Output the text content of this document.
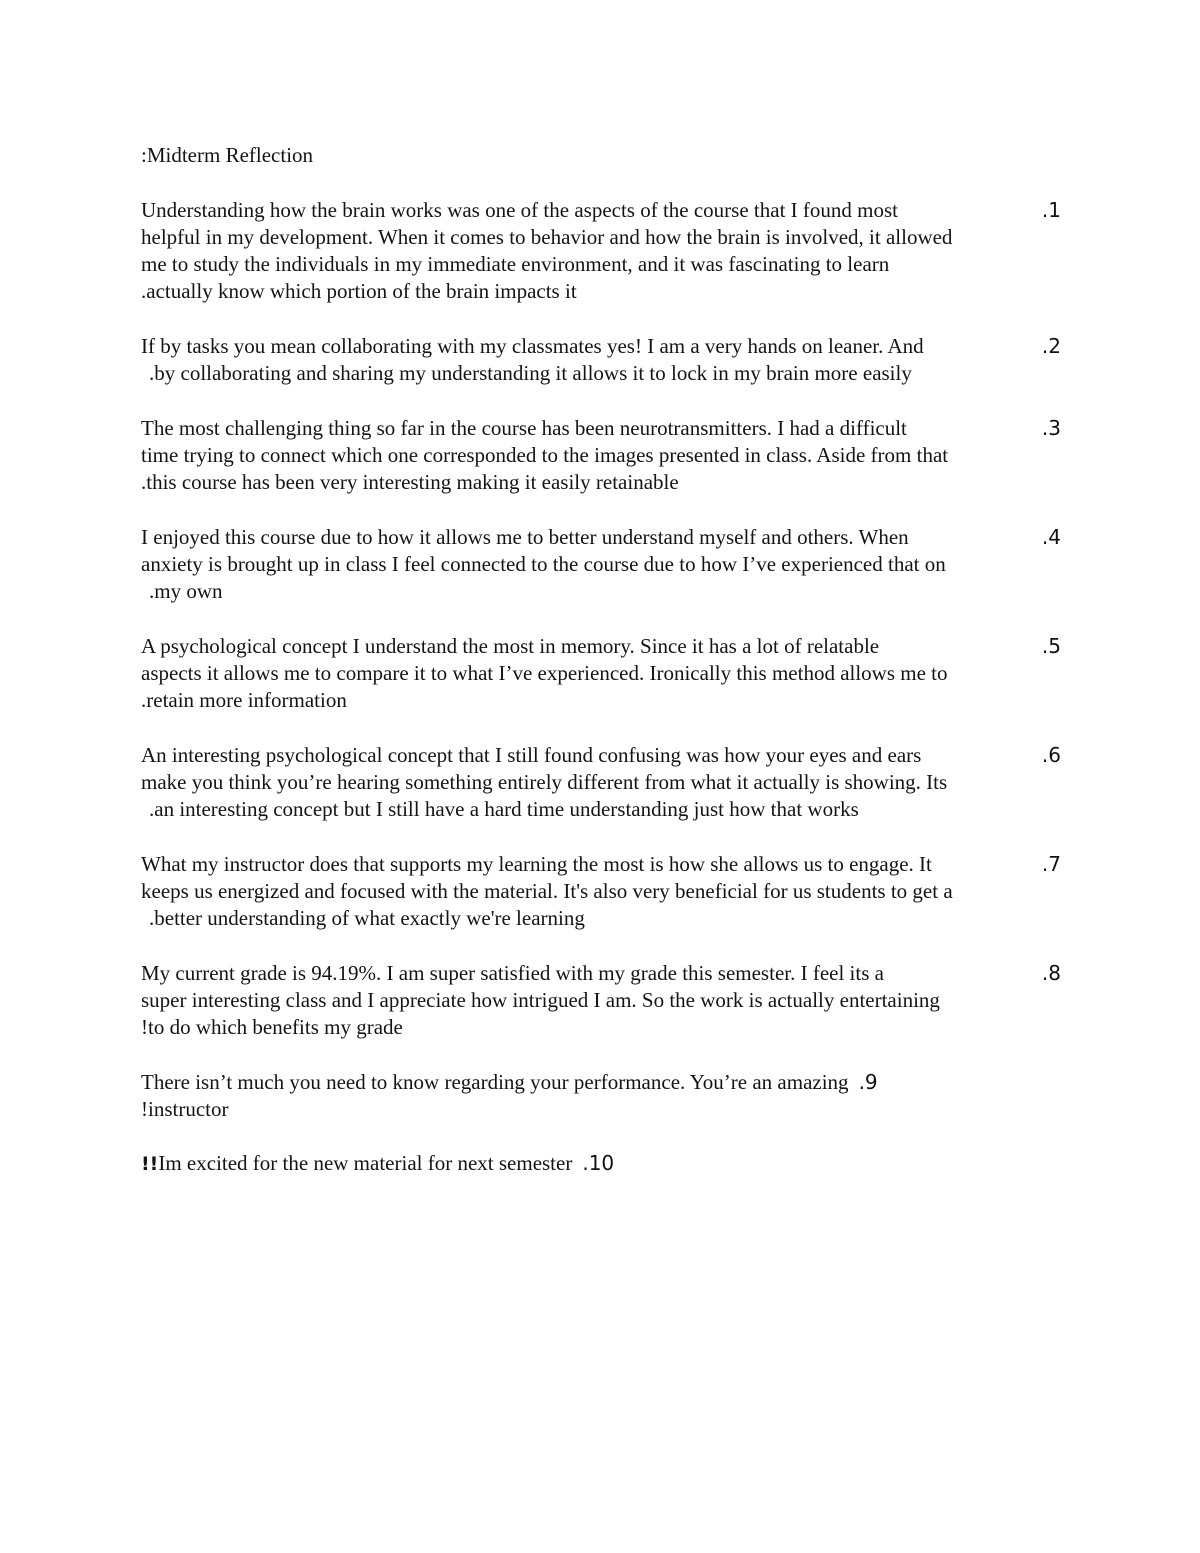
:Midterm Reflection
Understanding how the brain works was one of the aspects of the course that I found most	.1
helpful in my development. When it comes to behavior and how the brain is involved, it allowed
me to study the individuals in my immediate environment, and it was fascinating to learn
.actually know which portion of the brain impacts it
If by tasks you mean collaborating with my classmates yes! I am a very hands on leaner. And	.2
.by collaborating and sharing my understanding it allows it to lock in my brain more easily
The most challenging thing so far in the course has been neurotransmitters. I had a difficult	.3
time trying to connect which one corresponded to the images presented in class. Aside from that
.this course has been very interesting making it easily retainable
I enjoyed this course due to how it allows me to better understand myself and others. When	.4
anxiety is brought up in class I feel connected to the course due to how I’ve experienced that on
.my own
A psychological concept I understand the most in memory. Since it has a lot of relatable	.5
aspects it allows me to compare it to what I’ve experienced. Ironically this method allows me to
.retain more information
An interesting psychological concept that I still found confusing was how your eyes and ears	.6
make you think you’re hearing something entirely different from what it actually is showing. Its
.an interesting concept but I still have a hard time understanding just how that works
What my instructor does that supports my learning the most is how she allows us to engage. It	.7
keeps us energized and focused with the material. It's also very beneficial for us students to get a
.better understanding of what exactly we're learning
My current grade is 94.19%. I am super satisfied with my grade this semester. I feel its a	.8
super interesting class and I appreciate how intrigued I am. So the work is actually entertaining
!to do which benefits my grade
There isn’t much you need to know regarding your performance. You’re an amazing .9
!instructor
!! Im excited for the new material for next semester .10
